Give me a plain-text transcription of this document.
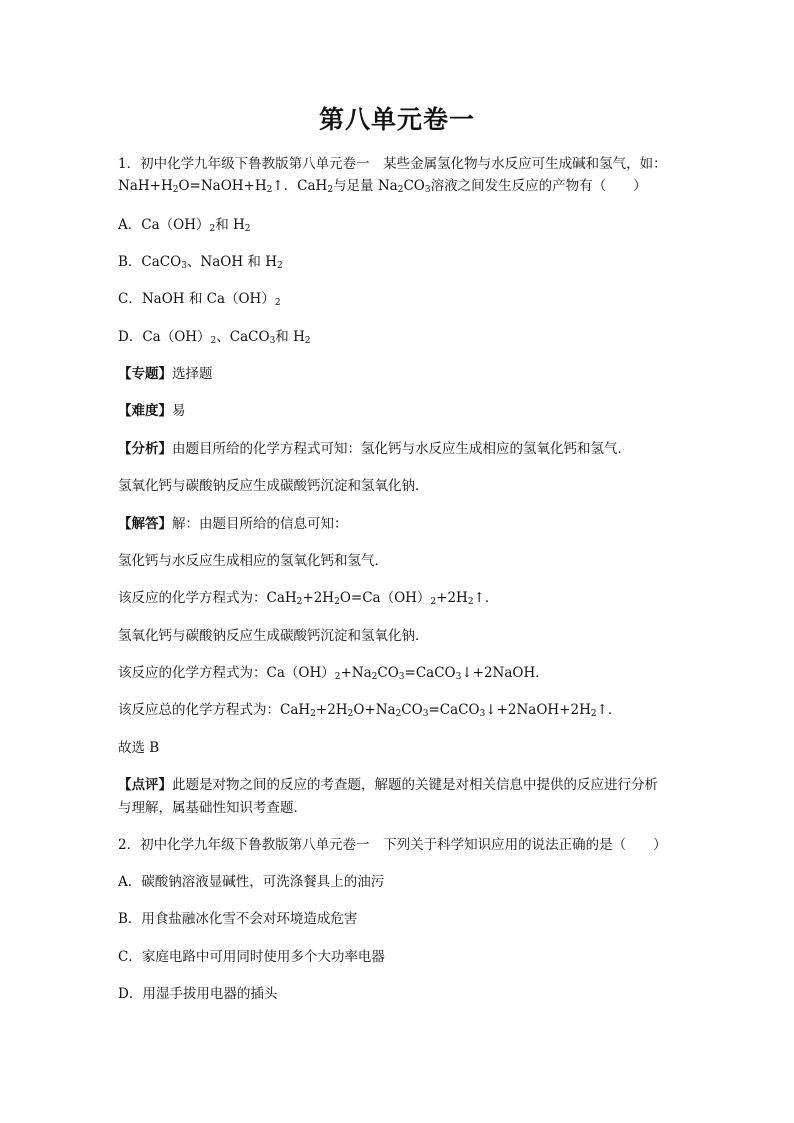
第八单元卷一
1．初中化学九年级下鲁教版第八单元卷一　某些金属氢化物与水反应可生成碱和氢气，如：
$NaH+H_2O=NaOH+H_2↑$．CaH$_2$与足量 $Na_2CO_3$溶液之间发生反应的产物有（　　）
A．$Ca(OH)_2$和 $H_2$
B．CaCO$_3$、NaOH 和 $H_2$
C．NaOH 和 $Ca(OH)_2$
D．$Ca(OH)_2$、CaCO$_3$和 $H_2$
【专题】选择题
【难度】易
【分析】由题目所给的化学方程式可知：氢化钙与水反应生成相应的氢氧化钙和氢气．
氢氧化钙与碳酸钠反应生成碳酸钙沉淀和氢氧化钠．
【解答】解：由题目所给的信息可知：
氢化钙与水反应生成相应的氢氧化钙和氢气．
该反应的化学方程式为：$CaH_2+2H_2O=Ca(OH)_2+2H_2↑$．
氢氧化钙与碳酸钠反应生成碳酸钙沉淀和氢氧化钠．
该反应的化学方程式为：$Ca(OH)_2+Na_2CO_3=CaCO_3↓+2NaOH$．
该反应总的化学方程式为：$CaH_2+2H_2O+Na_2CO_3=CaCO_3↓+2NaOH+2H_2↑$．
故选 B
【点评】此题是对物之间的反应的考查题，解题的关键是对相关信息中提供的反应进行分析
与理解，属基础性知识考查题．
2．初中化学九年级下鲁教版第八单元卷一　下列关于科学知识应用的说法正确的是（　　）
A．碳酸钠溶液显碱性，可洗涤餐具上的油污
B．用食盐融冰化雪不会对环境造成危害
C．家庭电路中可用同时使用多个大功率电器
D．用湿手拔用电器的插头
